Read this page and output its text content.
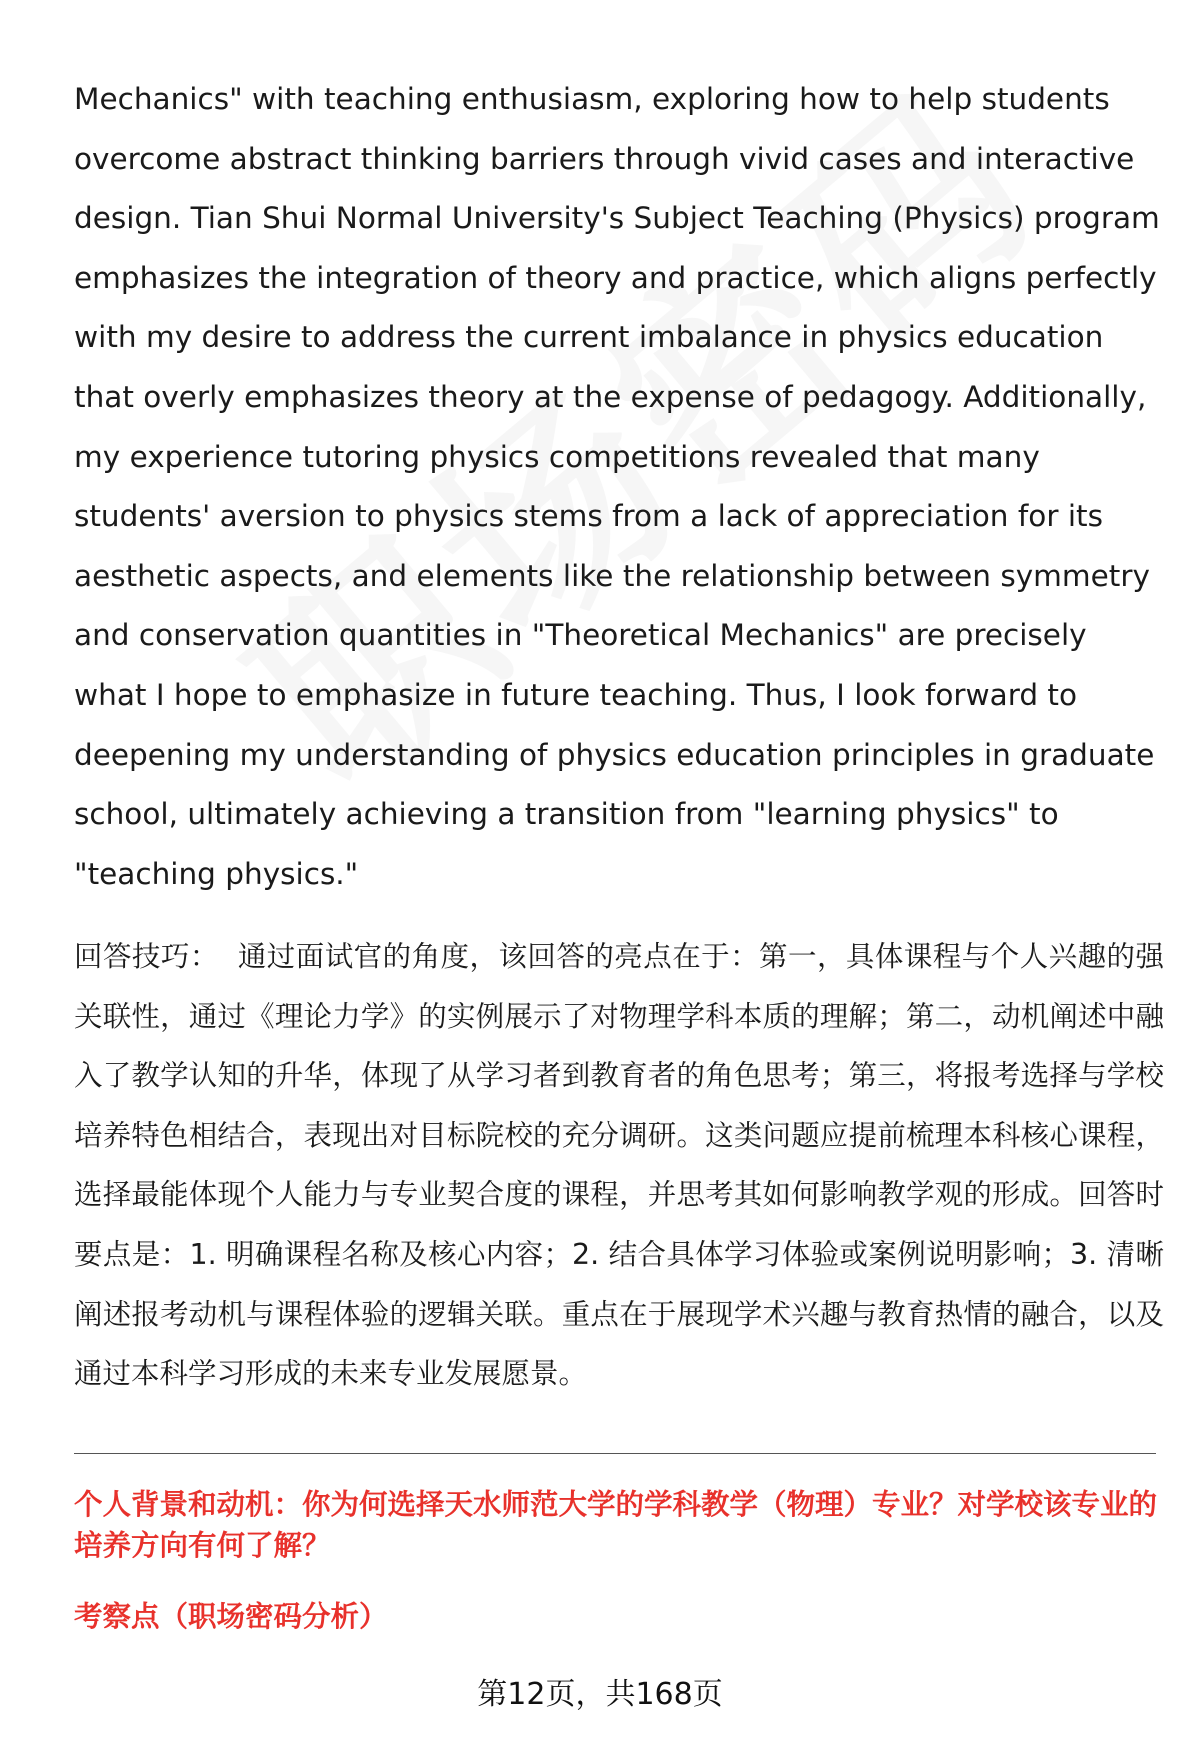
Mechanics" with teaching enthusiasm, exploring how to help students overcome abstract thinking barriers through vivid cases and interactive design. Tian Shui Normal University's Subject Teaching (Physics) program emphasizes the integration of theory and practice, which aligns perfectly with my desire to address the current imbalance in physics education that overly emphasizes theory at the expense of pedagogy. Additionally, my experience tutoring physics competitions revealed that many students' aversion to physics stems from a lack of appreciation for its aesthetic aspects, and elements like the relationship between symmetry and conservation quantities in "Theoretical Mechanics" are precisely what I hope to emphasize in future teaching. Thus, I look forward to deepening my understanding of physics education principles in graduate school, ultimately achieving a transition from "learning physics" to "teaching physics."

回答技巧： 通过面试官的角度，该回答的亮点在于：第一，具体课程与个人兴趣的强关联性，通过《理论力学》的实例展示了对物理学科本质的理解；第二，动机阐述中融入了教学认知的升华，体现了从学习者到教育者的角色思考；第三，将报考选择与学校培养特色相结合，表现出对目标院校的充分调研。这类问题应提前梳理本科核心课程，选择最能体现个人能力与专业契合度的课程，并思考其如何影响教学观的形成。回答时要点是：1. 明确课程名称及核心内容；2. 结合具体学习体验或案例说明影响；3. 清晰阐述报考动机与课程体验的逻辑关联。重点在于展现学术兴趣与教育热情的融合，以及通过本科学习形成的未来专业发展愿景。

个人背景和动机：你为何选择天水师范大学的学科教学（物理）专业？对学校该专业的培养方向有何了解？

考察点（职场密码分析）

第12页，共168页
